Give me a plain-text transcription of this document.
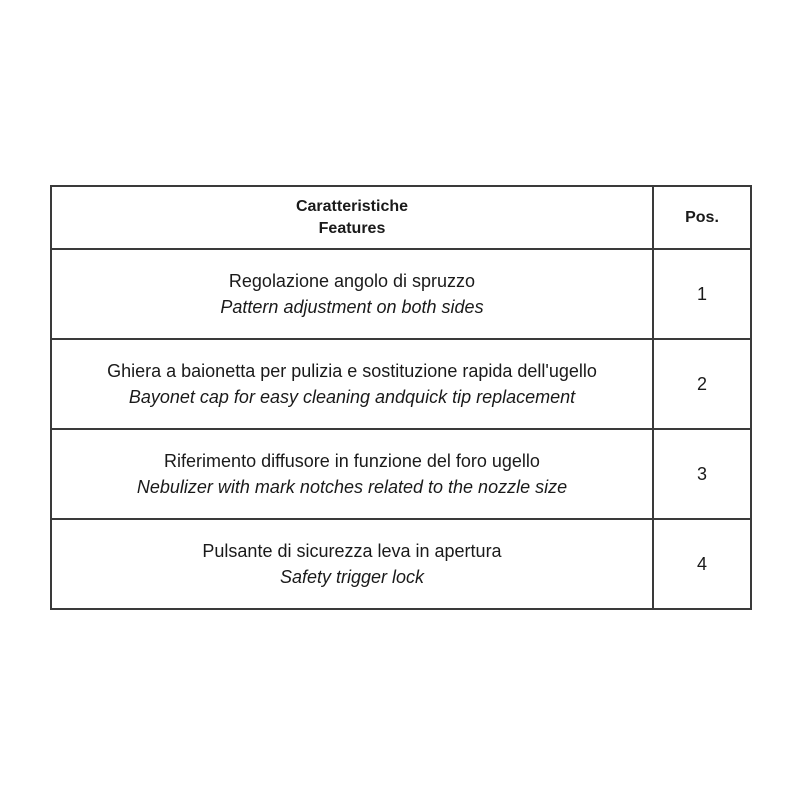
Caratteristiche
Features	Pos.

Regolazione angolo di spruzzo
Pattern adjustment on both sides	1

Ghiera a baionetta per pulizia e sostituzione rapida dell'ugello
Bayonet cap for easy cleaning andquick tip replacement	2

Riferimento diffusore in funzione del foro ugello
Nebulizer with mark notches related to the nozzle size	3

Pulsante di sicurezza leva in apertura
Safety trigger lock	4
